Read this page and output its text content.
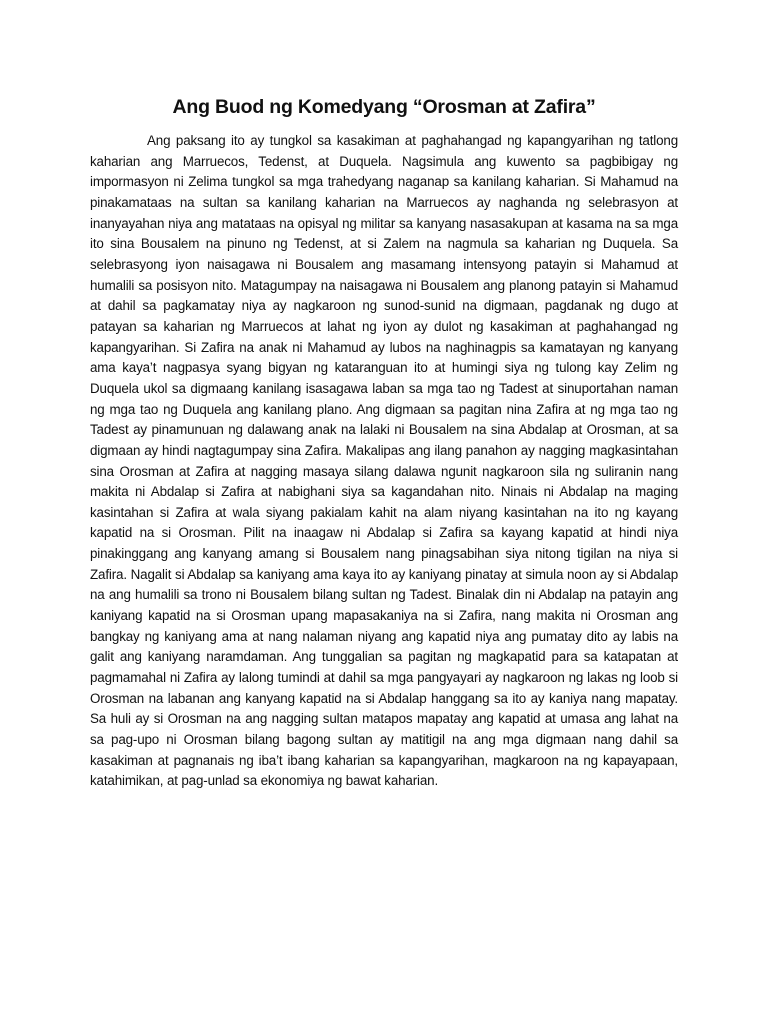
Ang Buod ng Komedyang “Orosman at Zafira”

Ang paksang ito ay tungkol sa kasakiman at paghahangad ng kapangyarihan ng tatlong kaharian ang Marruecos, Tedenst, at Duquela. Nagsimula ang kuwento sa pagbibigay ng impormasyon ni Zelima tungkol sa mga trahedyang naganap sa kanilang kaharian. Si Mahamud na pinakamataas na sultan sa kanilang kaharian na Marruecos ay naghanda ng selebrasyon at inanyayahan niya ang matataas na opisyal ng militar sa kanyang nasasakupan at kasama na sa mga ito sina Bousalem na pinuno ng Tedenst, at si Zalem na nagmula sa kaharian ng Duquela. Sa selebrasyong iyon naisagawa ni Bousalem ang masamang intensyong patayin si Mahamud at humalili sa posisyon nito. Matagumpay na naisagawa ni Bousalem ang planong patayin si Mahamud at dahil sa pagkamatay niya ay nagkaroon ng sunod-sunid na digmaan, pagdanak ng dugo at patayan sa kaharian ng Marruecos at lahat ng iyon ay dulot ng kasakiman at paghahangad ng kapangyarihan. Si Zafira na anak ni Mahamud ay lubos na naghinagpis sa kamatayan ng kanyang ama kaya’t nagpasya syang bigyan ng kataranguan ito at humingi siya ng tulong kay Zelim ng Duquela ukol sa digmaang kanilang isasagawa laban sa mga tao ng Tadest at sinuportahan naman ng mga tao ng Duquela ang kanilang plano. Ang digmaan sa pagitan nina Zafira at ng mga tao ng Tadest ay pinamunuan ng dalawang anak na lalaki ni Bousalem na sina Abdalap at Orosman, at sa digmaan ay hindi nagtagumpay sina Zafira. Makalipas ang ilang panahon ay nagging magkasintahan sina Orosman at Zafira at nagging masaya silang dalawa ngunit nagkaroon sila ng suliranin nang makita ni Abdalap si Zafira at nabighani siya sa kagandahan nito. Ninais ni Abdalap na maging kasintahan si Zafira at wala siyang pakialam kahit na alam niyang kasintahan na ito ng kayang kapatid na si Orosman. Pilit na inaagaw ni Abdalap si Zafira sa kayang kapatid at hindi niya pinakinggang ang kanyang amang si Bousalem nang pinagsabihan siya nitong tigilan na niya si Zafira. Nagalit si Abdalap sa kaniyang ama kaya ito ay kaniyang pinatay at simula noon ay si Abdalap na ang humalili sa trono ni Bousalem bilang sultan ng Tadest. Binalak din ni Abdalap na patayin ang kaniyang kapatid na si Orosman upang mapasakaniya na si Zafira, nang makita ni Orosman ang bangkay ng kaniyang ama at nang nalaman niyang ang kapatid niya ang pumatay dito ay labis na galit ang kaniyang naramdaman. Ang tunggalian sa pagitan ng magkapatid para sa katapatan at pagmamahal ni Zafira ay lalong tumindi at dahil sa mga pangyayari ay nagkaroon ng lakas ng loob si Orosman na labanan ang kanyang kapatid na si Abdalap hanggang sa ito ay kaniya nang mapatay. Sa huli ay si Orosman na ang nagging sultan matapos mapatay ang kapatid at umasa ang lahat na sa pag-upo ni Orosman bilang bagong sultan ay matitigil na ang mga digmaan nang dahil sa kasakiman at pagnanais ng iba’t ibang kaharian sa kapangyarihan, magkaroon na ng kapayapaan, katahimikan, at pag-unlad sa ekonomiya ng bawat kaharian.
